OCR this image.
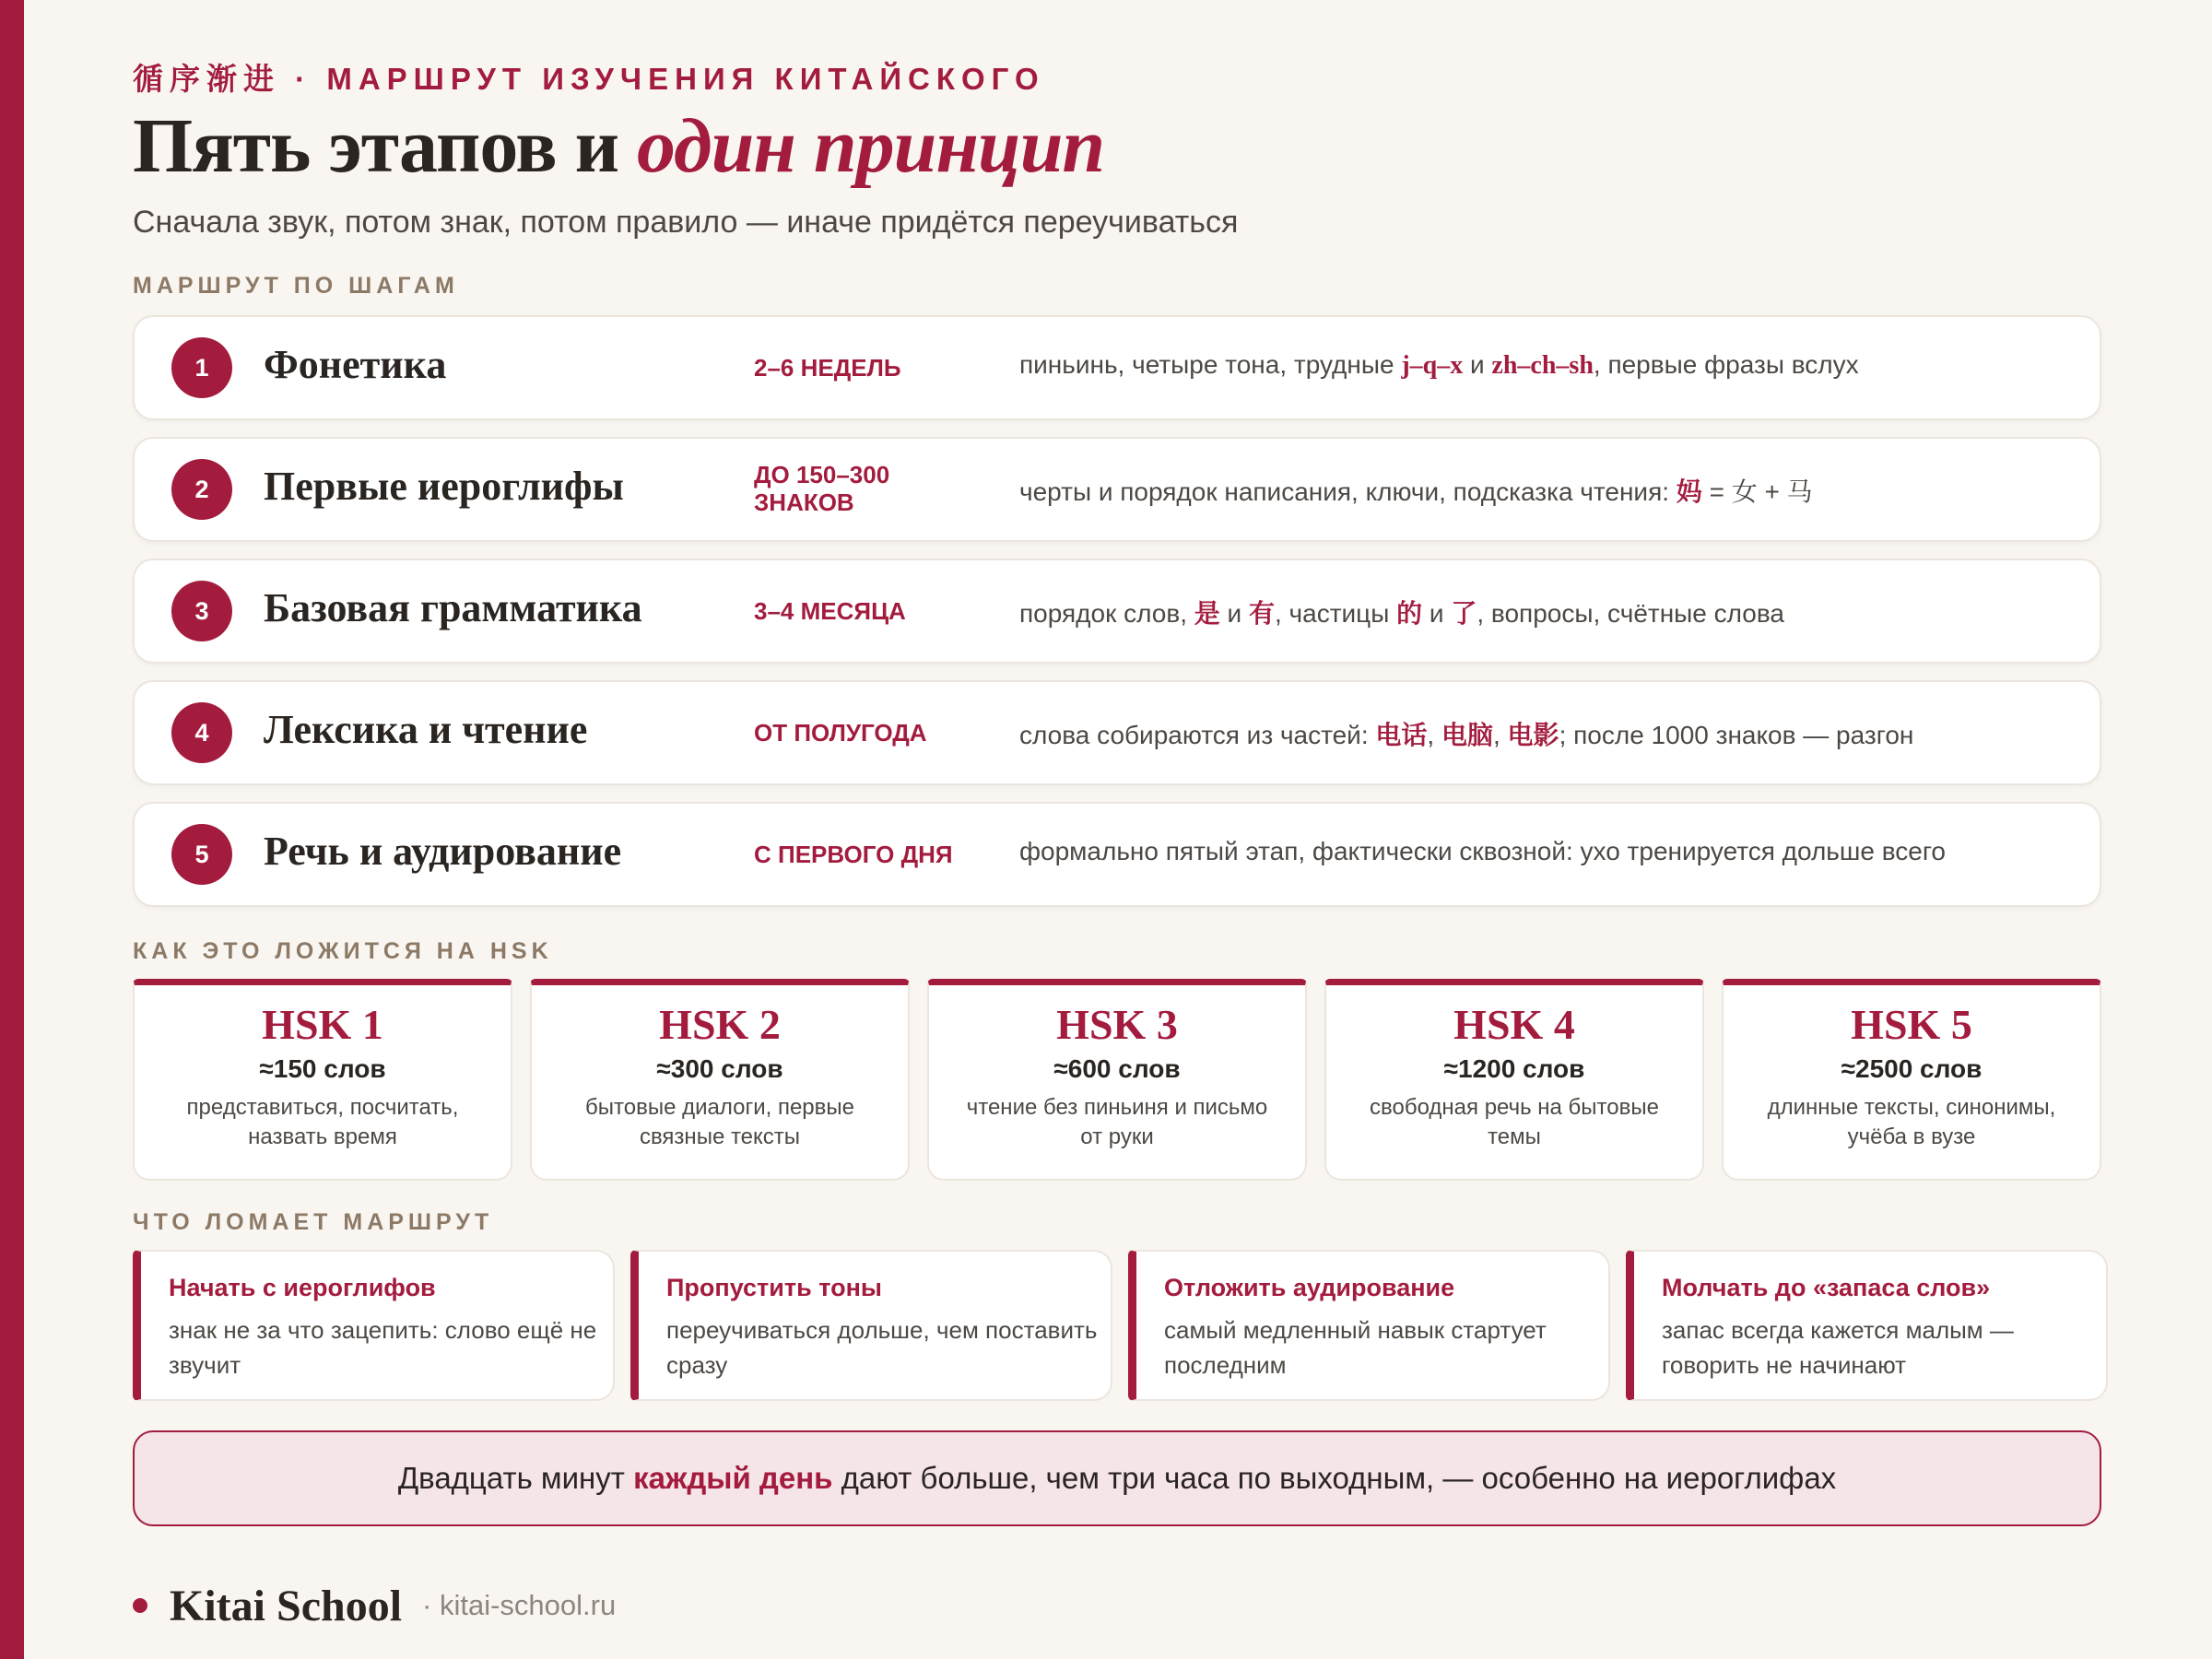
循序渐进 · МАРШРУТ ИЗУЧЕНИЯ КИТАЙСКОГО
Пять этапов и один принцип
Сначала звук, потом знак, потом правило — иначе придётся переучиваться
МАРШРУТ ПО ШАГАМ
1	Фонетика	2–6 НЕДЕЛЬ	пиньинь, четыре тона, трудные j–q–x и zh–ch–sh, первые фразы вслух
2	Первые иероглифы	ДО 150–300 ЗНАКОВ	черты и порядок написания, ключи, подсказка чтения: 妈 = 女 + 马
3	Базовая грамматика	3–4 МЕСЯЦА	порядок слов, 是 и 有, частицы 的 и 了, вопросы, счётные слова
4	Лексика и чтение	ОТ ПОЛУГОДА	слова собираются из частей: 电话, 电脑, 电影; после 1000 знаков — разгон
5	Речь и аудирование	С ПЕРВОГО ДНЯ	формально пятый этап, фактически сквозной: ухо тренируется дольше всего
КАК ЭТО ЛОЖИТСЯ НА HSK
HSK 1
≈150 слов
представиться, посчитать, назвать время
HSK 2
≈300 слов
бытовые диалоги, первые связные тексты
HSK 3
≈600 слов
чтение без пиньиня и письмо от руки
HSK 4
≈1200 слов
свободная речь на бытовые темы
HSK 5
≈2500 слов
длинные тексты, синонимы, учёба в вузе
ЧТО ЛОМАЕТ МАРШРУТ
Начать с иероглифов
знак не за что зацепить: слово ещё не звучит
Пропустить тоны
переучиваться дольше, чем поставить сразу
Отложить аудирование
самый медленный навык стартует последним
Молчать до «запаса слов»
запас всегда кажется малым — говорить не начинают
Двадцать минут каждый день дают больше, чем три часа по выходным, — особенно на иероглифах
Kitai School · kitai-school.ru
